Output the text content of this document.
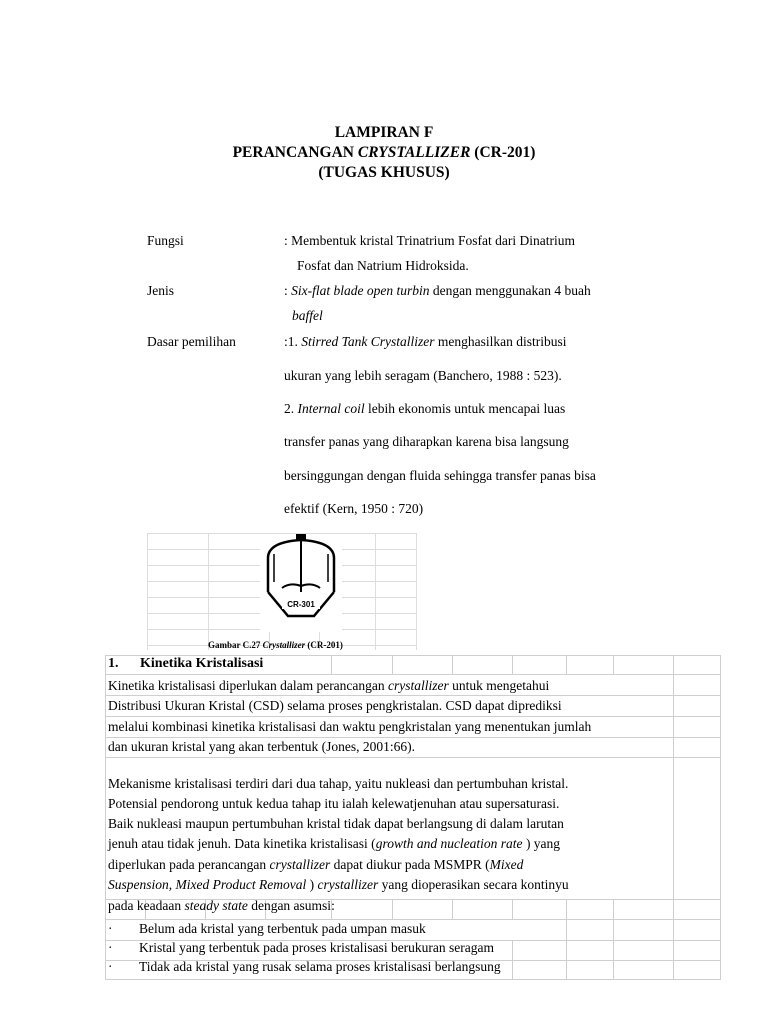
LAMPIRAN F
PERANCANGAN CRYSTALLIZER (CR-201)
(TUGAS KHUSUS)
Fungsi	: Membentuk kristal Trinatrium Fosfat dari Dinatrium
Fosfat dan Natrium Hidroksida.
Jenis	: Six-flat blade open turbin dengan menggunakan 4 buah
baffel
Dasar pemilihan	:1. Stirred Tank Crystallizer menghasilkan distribusi
ukuran yang lebih seragam (Banchero, 1988 : 523).
2. Internal coil lebih ekonomis untuk mencapai luas
transfer panas yang diharapkan karena bisa langsung
bersinggungan dengan fluida sehingga transfer panas bisa
efektif (Kern, 1950 : 720)
CR-301
Gambar C.27 Crystallizer (CR-201)
1. Kinetika Kristalisasi
Kinetika kristalisasi diperlukan dalam perancangan crystallizer untuk mengetahui
Distribusi Ukuran Kristal (CSD) selama proses pengkristalan. CSD dapat diprediksi
melalui kombinasi kinetika kristalisasi dan waktu pengkristalan yang menentukan jumlah
dan ukuran kristal yang akan terbentuk (Jones, 2001:66).
Mekanisme kristalisasi terdiri dari dua tahap, yaitu nukleasi dan pertumbuhan kristal.
Potensial pendorong untuk kedua tahap itu ialah kelewatjenuhan atau supersaturasi.
Baik nukleasi maupun pertumbuhan kristal tidak dapat berlangsung di dalam larutan
jenuh atau tidak jenuh. Data kinetika kristalisasi (growth and nucleation rate ) yang
diperlukan pada perancangan crystallizer dapat diukur pada MSMPR (Mixed
Suspension, Mixed Product Removal ) crystallizer yang dioperasikan secara kontinyu
pada keadaan steady state dengan asumsi:
· Belum ada kristal yang terbentuk pada umpan masuk
· Kristal yang terbentuk pada proses kristalisasi berukuran seragam
· Tidak ada kristal yang rusak selama proses kristalisasi berlangsung
